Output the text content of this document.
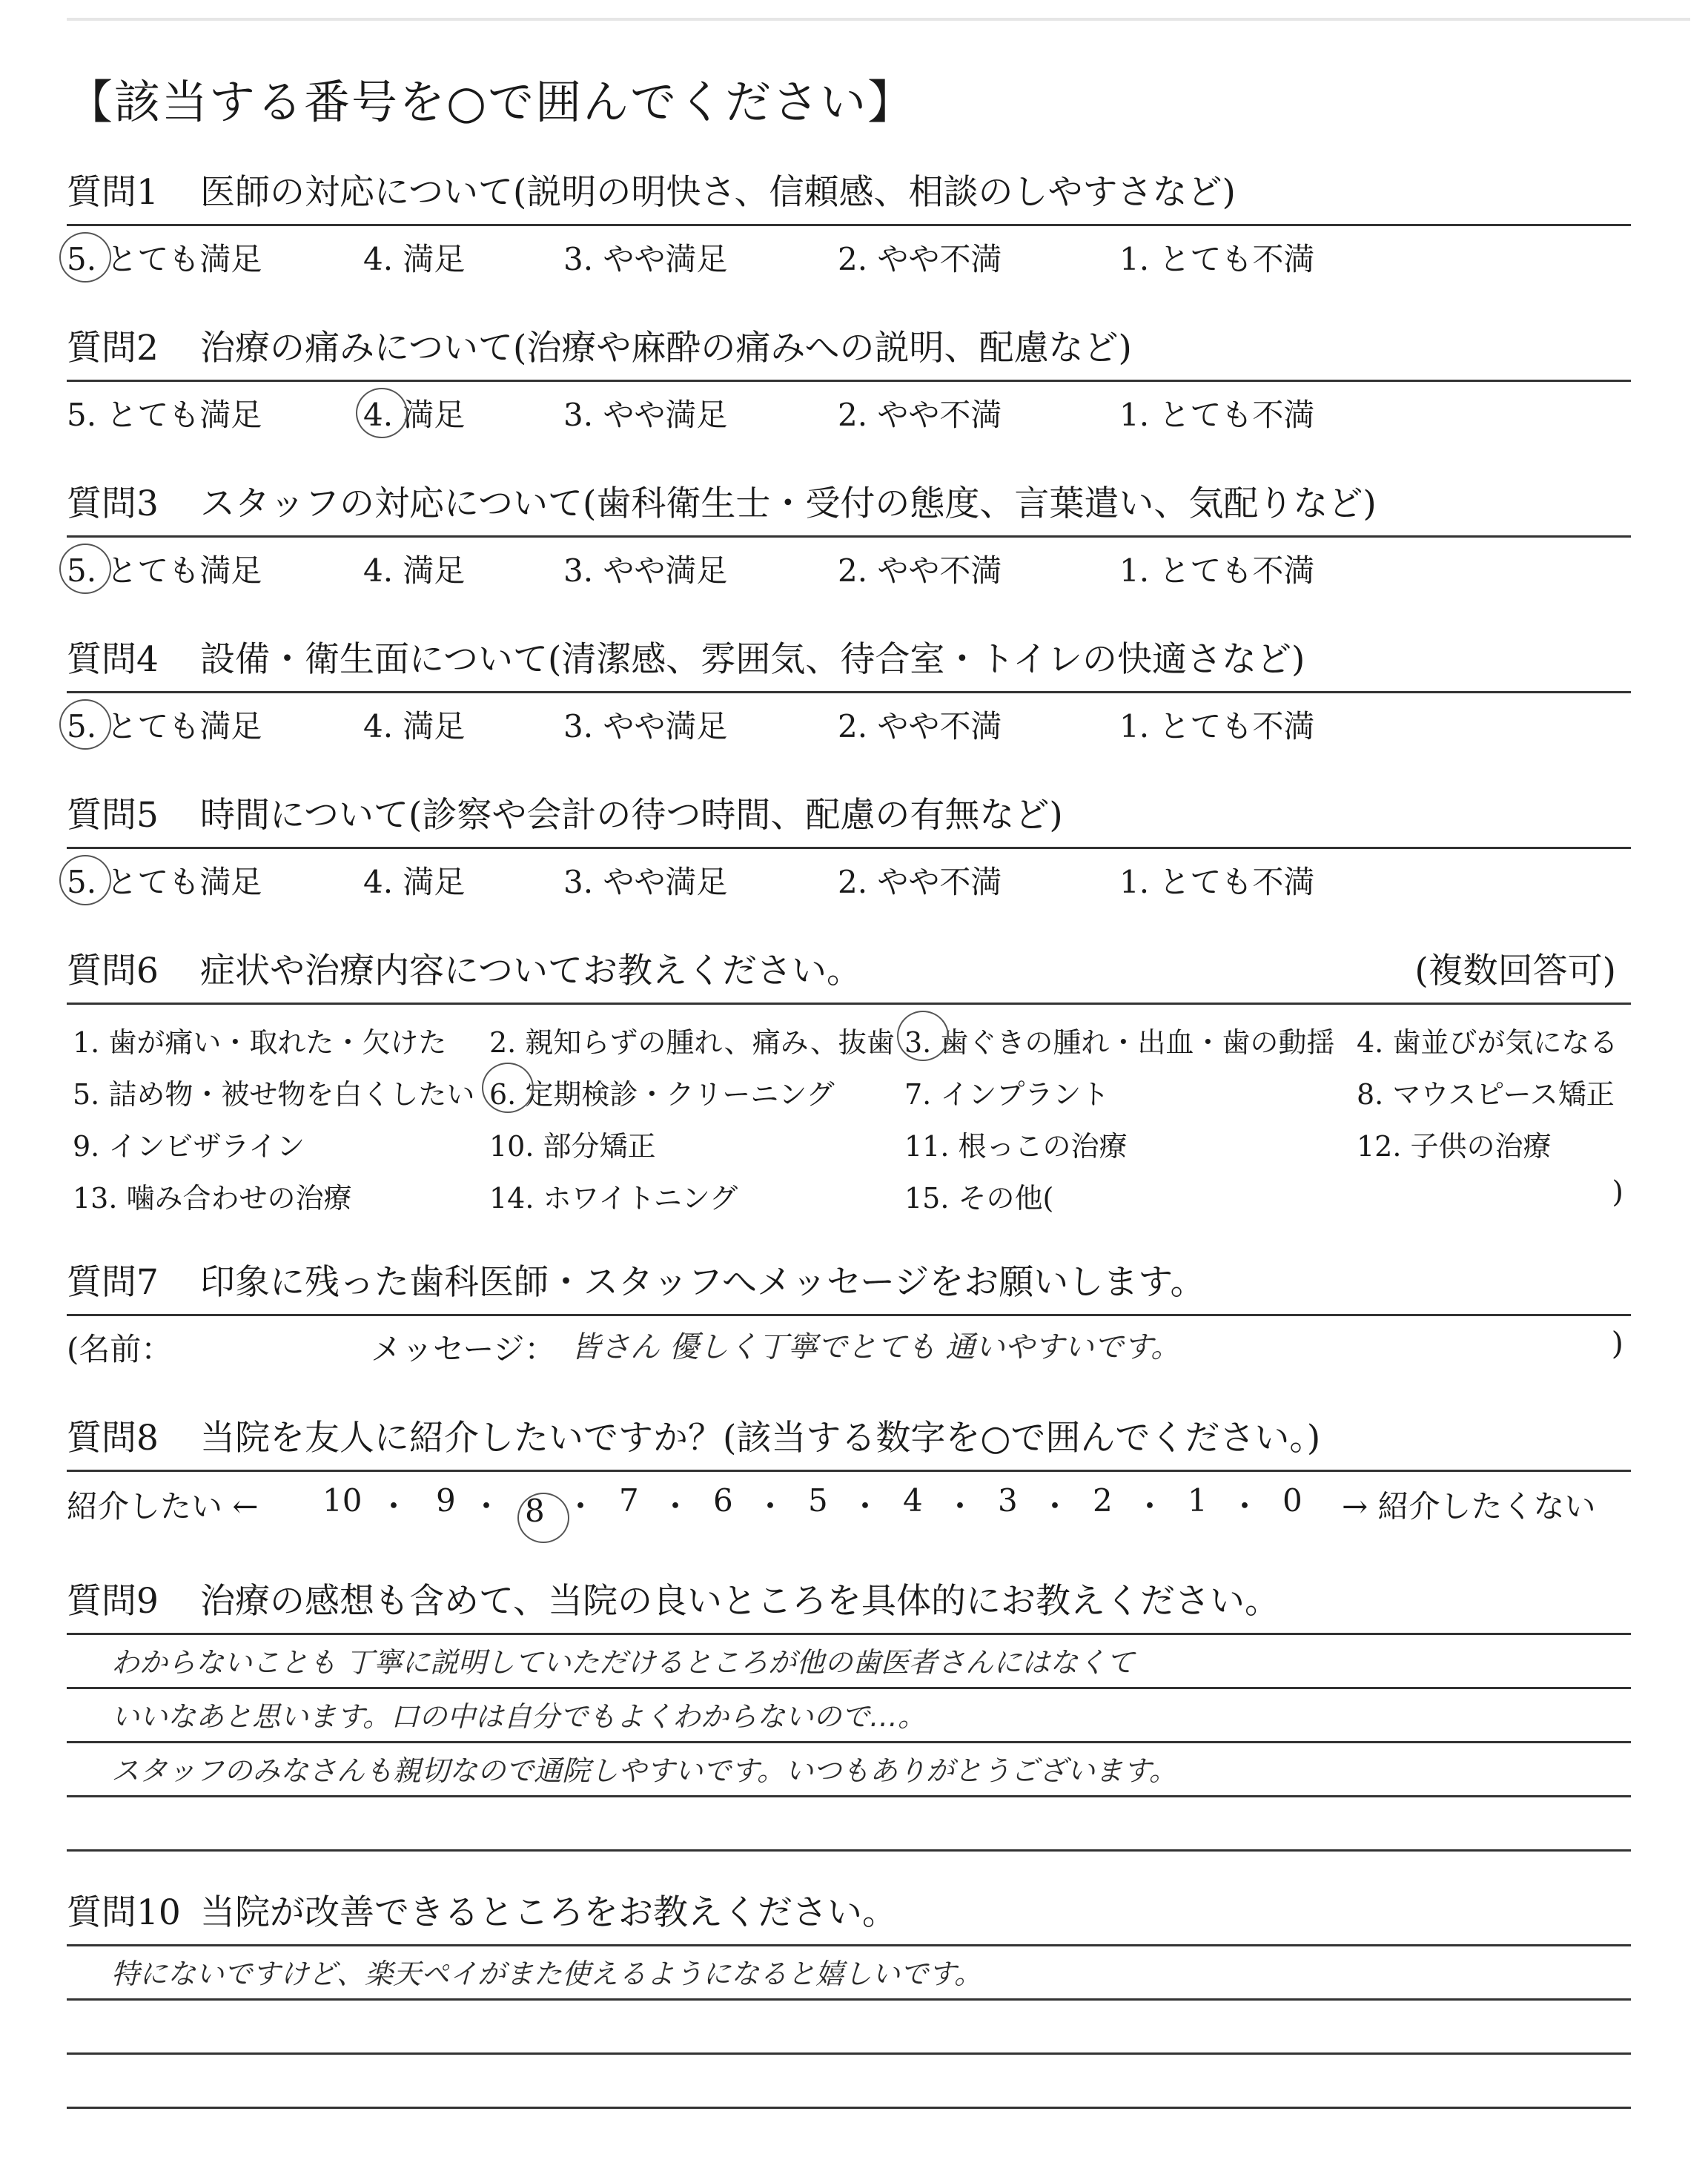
【該当する番号を○で囲んでください】
質問1 医師の対応について(説明の明快さ、信頼感、相談のしやすさなど)
5. とても満足	4. 満足	3. やや満足	2. やや不満	1. とても不満
質問2 治療の痛みについて(治療や麻酔の痛みへの説明、配慮など)
5. とても満足	4. 満足	3. やや満足	2. やや不満	1. とても不満
質問3 スタッフの対応について(歯科衛生士・受付の態度、言葉遣い、気配りなど)
5. とても満足	4. 満足	3. やや満足	2. やや不満	1. とても不満
質問4 設備・衛生面について(清潔感、雰囲気、待合室・トイレの快適さなど)
5. とても満足	4. 満足	3. やや満足	2. やや不満	1. とても不満
質問5 時間について(診察や会計の待つ時間、配慮の有無など)
5. とても満足	4. 満足	3. やや満足	2. やや不満	1. とても不満
質問6 症状や治療内容についてお教えください。	(複数回答可)
1. 歯が痛い・取れた・欠けた 2. 親知らずの腫れ、痛み、抜歯 3. 歯ぐきの腫れ・出血・歯の動揺 4. 歯並びが気になる
5. 詰め物・被せ物を白くしたい 6. 定期検診・クリーニング 7. インプラント	8. マウスピース矯正
9. インビザライン	10. 部分矯正	11. 根っこの治療	12. 子供の治療
13. 噛み合わせの治療	14. ホワイトニング	15. その他(	)
質問7 印象に残った歯科医師・スタッフへメッセージをお願いします。
(名前：	メッセージ： 皆さん 優しく丁寧でとても 通いやすいです。	)
質問8 当院を友人に紹介したいですか？(該当する数字を○で囲んでください。)
紹介したい ← 10 ・ 9 ・ 8 ・ 7 ・ 6 ・ 5 ・ 4 ・ 3 ・ 2 ・ 1 ・ 0 → 紹介したくない
質問9 治療の感想も含めて、当院の良いところを具体的にお教えください。
わからないことも 丁寧に説明していただけるところが他の歯医者さんにはなくて
いいなあと思います。口の中は自分でもよくわからないので…。
スタッフのみなさんも親切なので通院しやすいです。いつもありがとうございます。
質問10 当院が改善できるところをお教えください。
特にないですけど、楽天ペイがまた使えるようになると嬉しいです。
